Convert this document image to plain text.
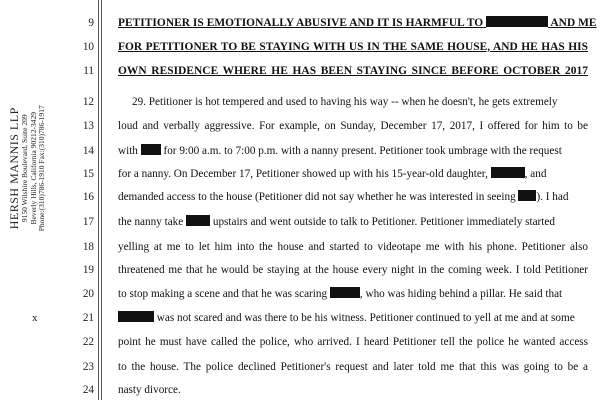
HERSH MANNIS LLP 9150 Wilshire Boulevard, Suite 209 Beverly Hills, California 90212-3429 Phone:(310)786-1910 Fax:(310)786-1917
9
10
11
12
13
14
15
16
17
18
19
20
21
22
23
24
x
PETITIONER IS EMOTIONALLY ABUSIVE AND IT IS HARMFUL TO	AND ME
FOR PETITIONER TO BE STAYING WITH US IN THE SAME HOUSE, AND HE HAS HIS
OWN RESIDENCE WHERE HE HAS BEEN STAYING SINCE BEFORE OCTOBER 2017
29. Petitioner is hot tempered and used to having his way -- when he doesn't, he gets extremely
loud and verbally aggressive. For example, on Sunday, December 17, 2017, I offered for him to be
with for 9:00 a.m. to 7:00 p.m. with a nanny present. Petitioner took umbrage with the request
for a nanny. On December 17, Petitioner showed up with his 15-year-old daughter,	, and
demanded access to the house (Petitioner did not say whether he was interested in seeing ). I had
the nanny take	upstairs and went outside to talk to Petitioner. Petitioner immediately started
yelling at me to let him into the house and started to videotape me with his phone. Petitioner also
threatened me that he would be staying at the house every night in the coming week. I told Petitioner
to stop making a scene and that he was scaring	, who was hiding behind a pillar. He said that
was not scared and was there to be his witness. Petitioner continued to yell at me and at some
point he must have called the police, who arrived. I heard Petitioner tell the police he wanted access
to the house. The police declined Petitioner's request and later told me that this was going to be a
nasty divorce.
